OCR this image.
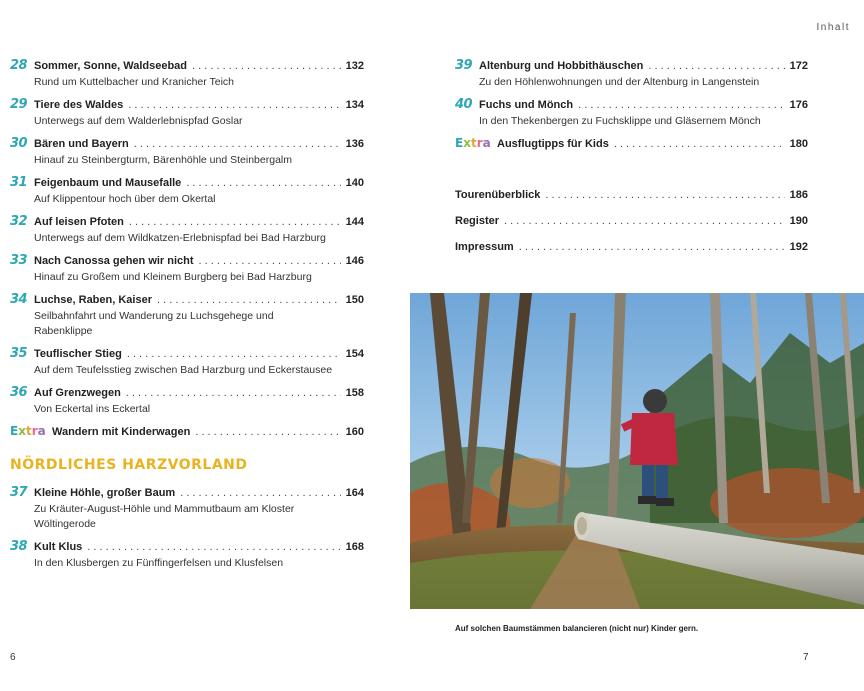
Inhalt
28 Sommer, Sonne, Waldseebad . . .	132
Rund um Kuttelbacher und Kranicher Teich
29 Tiere des Waldes . . .	134
Unterwegs auf dem Walderlebnispfad Goslar
30 Bären und Bayern . . .	136
Hinauf zu Steinbergturm, Bärenhöhle und Steinbergalm
31 Feigenbaum und Mausefalle . . .	140
Auf Klippentour hoch über dem Okertal
32 Auf leisen Pfoten . . .	144
Unterwegs auf dem Wildkatzen-Erlebnispfad bei Bad Harzburg
33 Nach Canossa gehen wir nicht . . .	146
Hinauf zu Großem und Kleinem Burgberg bei Bad Harzburg
34 Luchse, Raben, Kaiser . . .	150
Seilbahnfahrt und Wanderung zu Luchsgehege und
Rabenklippe
35 Teuflischer Stieg . . .	154
Auf dem Teufelsstieg zwischen Bad Harzburg und Eckerstausee
36 Auf Grenzwegen . . .	158
Von Eckertal ins Eckertal
Extra Wandern mit Kinderwagen . . .	160
NÖRDLICHES HARZVORLAND
37 Kleine Höhle, großer Baum . . .	164
Zu Kräuter-August-Höhle und Mammutbaum am Kloster
Wöltingerode
38 Kult Klus . . .	168
In den Klusbergen zu Fünffingerfelsen und Klusfelsen
39 Altenburg und Hobbithäuschen . . .	172
Zu den Höhlenwohnungen und der Altenburg in Langenstein
40 Fuchs und Mönch . . .	176
In den Thekenbergen zu Fuchsklippe und Gläsernem Mönch
Extra Ausflugtipps für Kids . . .	180
Tourenüberblick . . .	186
Register . . .	190
Impressum . . .	192
Auf solchen Baumstämmen balancieren (nicht nur) Kinder gern.
6	7
